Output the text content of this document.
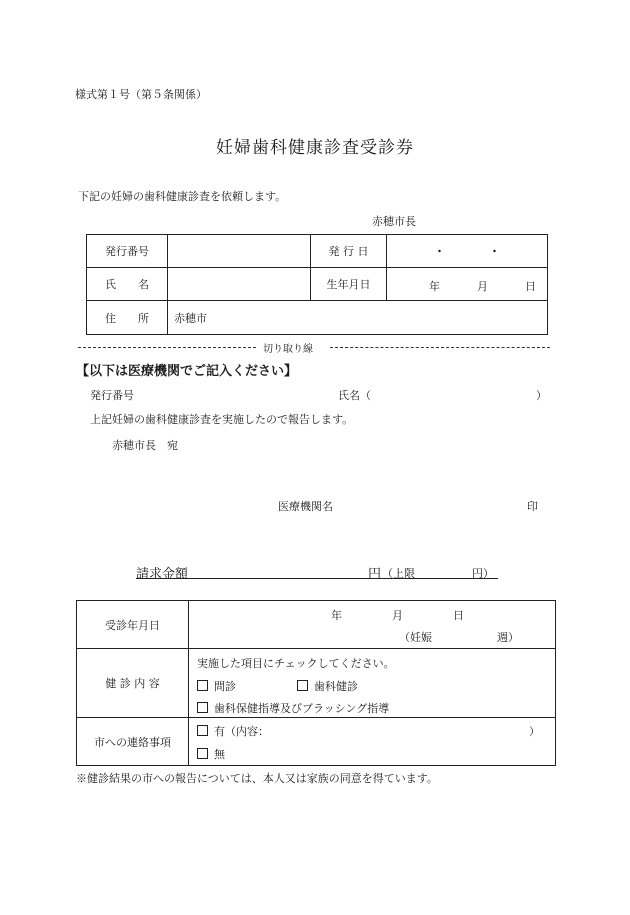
様式第１号（第５条関係）
妊婦歯科健康診査受診券
下記の妊婦の歯科健康診査を依頼します。
赤穂市長
発行番号		発 行 日	・　　　　・
氏　　名		生年月日	年 月 日

住　　所	赤穂市		
切り取り線
【以下は医療機関でご記入ください】
発行番号	氏名（	）
上記妊婦の歯科健康診査を実施したので報告します。
赤穂市長　宛
医療機関名	印
請求金額	円 （上限	円）
受診年月日	年 月 日
（妊娠 週）

健 診 内 容	実施した項目にチェックしてください。
問診 歯科健診
歯科保健指導及びブラッシング指導

市への連絡事項	有（内容： ）
無
※健診結果の市への報告については、本人又は家族の同意を得ています。
